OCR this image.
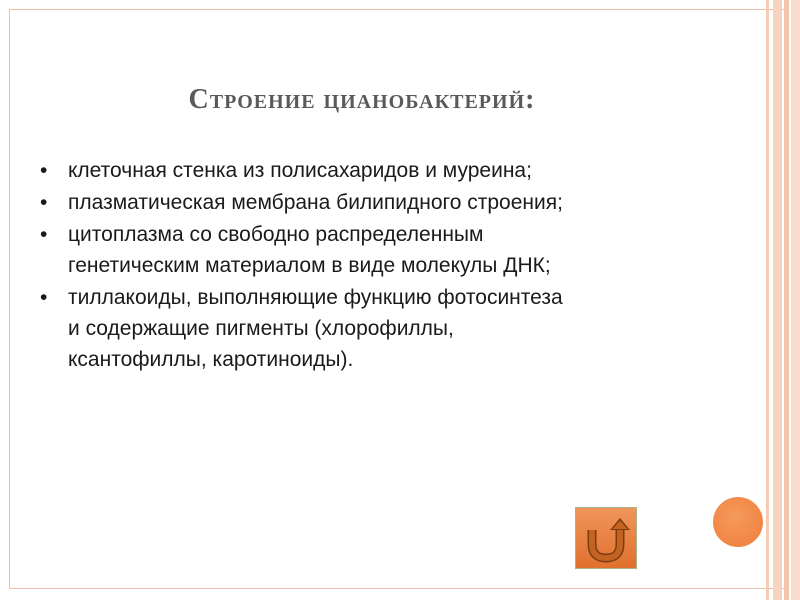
Строение цианобактерий:
• клеточная стенка из полисахаридов и муреина;
• плазматическая мембрана билипидного строения;
• цитоплазма со свободно распределенным генетическим материалом в виде молекулы ДНК;
• тиллакоиды, выполняющие функцию фотосинтеза и содержащие пигменты (хлорофиллы, ксантофиллы, каротиноиды).
